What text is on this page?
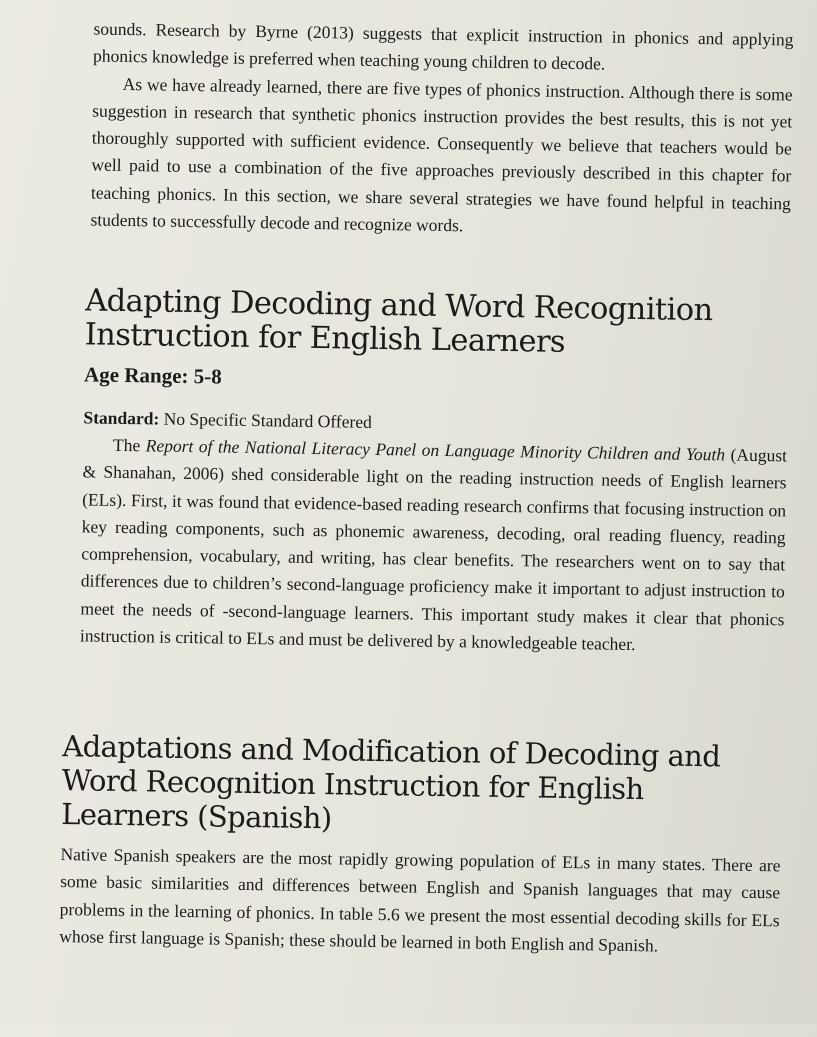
sounds. Research by Byrne (2013) suggests that explicit instruction in phonics and applying phonics knowledge is preferred when teaching young children to decode.

As we have already learned, there are five types of phonics instruction. Although there is some suggestion in research that synthetic phonics instruction provides the best results, this is not yet thoroughly supported with sufficient evidence. Consequently we believe that teachers would be well paid to use a combination of the five approaches previously described in this chapter for teaching phonics. In this section, we share several strategies we have found helpful in teaching students to successfully decode and recognize words.

Adapting Decoding and Word Recognition Instruction for English Learners
Age Range: 5-8
Standard: No Specific Standard Offered

The Report of the National Literacy Panel on Language Minority Children and Youth (August & Shanahan, 2006) shed considerable light on the reading instruction needs of English learners (ELs). First, it was found that evidence-based reading research confirms that focusing instruction on key reading components, such as phonemic awareness, decoding, oral reading fluency, reading comprehension, vocabulary, and writing, has clear benefits. The researchers went on to say that differences due to children’s second-language proficiency make it important to adjust instruction to meet the needs of -second-language learners. This important study makes it clear that phonics instruction is critical to ELs and must be delivered by a knowledgeable teacher.

Adaptations and Modification of Decoding and Word Recognition Instruction for English Learners (Spanish)

Native Spanish speakers are the most rapidly growing population of ELs in many states. There are some basic similarities and differences between English and Spanish languages that may cause problems in the learning of phonics. In table 5.6 we present the most essential decoding skills for ELs whose first language is Spanish; these should be learned in both English and Spanish.
